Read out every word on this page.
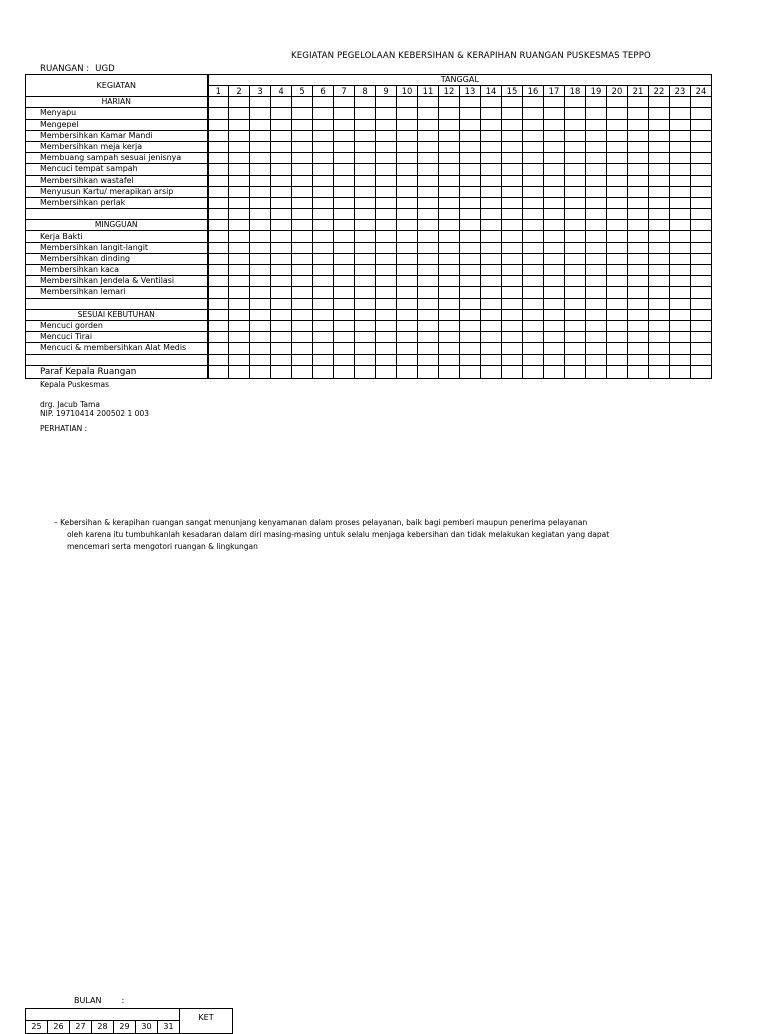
KEGIATAN PEGELOLAAN KEBERSIHAN & KERAPIHAN RUANGAN PUSKESMAS TEPPO
RUANGAN : UGD
KEGIATAN	TANGGAL																							
	1	2	3	4	5	6	7	8	9	10	11	12	13	14	15	16	17	18	19	20	21	22	23	24
HARIAN																								
Menyapu																								
Mengepel																								
Membersihkan Kamar Mandi																								
Membersihkan meja kerja																								
Membuang sampah sesuai jenisnya																								
Mencuci tempat sampah																								
Membersihkan wastafel																								
Menyusun Kartu/ merapikan arsip																								
Membersihkan perlak																								

MINGGUAN																								
Kerja Bakti																								
Membersihkan langit-langit																								
Membersihkan dinding																								
Membersihkan kaca																								
Membersihkan Jendela & Ventilasi																								
Membersihkan lemari																								

SESUAI KEBUTUHAN																								
Mencuci gorden																								
Mencuci Tirai																								
Mencuci & membersihkan Alat Medis																								

Paraf Kepala Ruangan																								
Kepala Puskesmas
drg. Jacub Tama
NIP. 19710414 200502 1 003
PERHATIAN :
– Kebersihan & kerapihan ruangan sangat menunjang kenyamanan dalam proses pelayanan, baik bagi pemberi maupun penerima pelayanan
oleh karena itu tumbuhkanlah kesadaran dalam diri masing-masing untuk selalu menjaga kebersihan dan tidak melakukan kegiatan yang dapat
mencemari serta mengotori ruangan & lingkungan
BULAN	:
							KET
25	26	27	28	29	30	31	
